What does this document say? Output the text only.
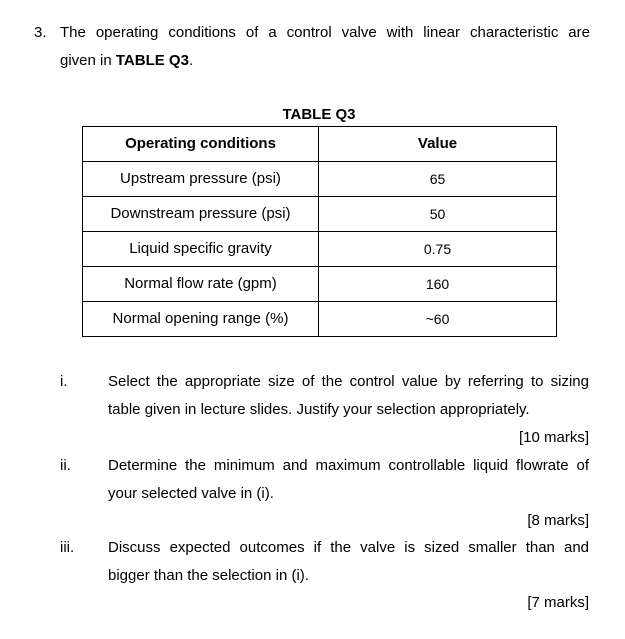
3. The operating conditions of a control valve with linear characteristic are
given in TABLE Q3.
TABLE Q3
Operating conditions	Value
Upstream pressure (psi)	65
Downstream pressure (psi)	50
Liquid specific gravity	0.75
Normal flow rate (gpm)	160
Normal opening range (%)	~60
i.	Select the appropriate size of the control value by referring to sizing
table given in lecture slides. Justify your selection appropriately.
[10 marks]
ii. Determine the minimum and maximum controllable liquid flowrate of
your selected valve in (i).
[8 marks]
iii. Discuss expected outcomes if the valve is sized smaller than and
bigger than the selection in (i).
[7 marks]
